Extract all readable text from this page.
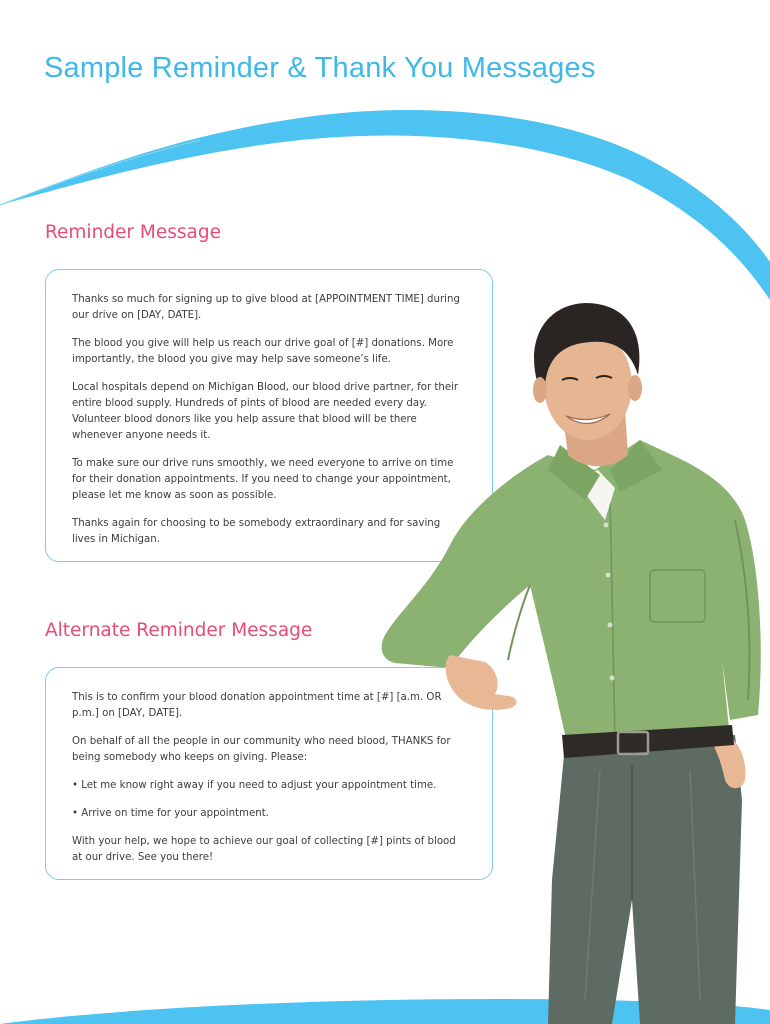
Sample Reminder & Thank You Messages
Reminder Message

Thanks so much for signing up to give blood at [APPOINTMENT TIME] during our drive on [DAY, DATE].

The blood you give will help us reach our drive goal of [#] donations. More importantly, the blood you give may help save someone’s life.

Local hospitals depend on Michigan Blood, our blood drive partner, for their entire blood supply. Hundreds of pints of blood are needed every day. Volunteer blood donors like you help assure that blood will be there whenever anyone needs it.

To make sure our drive runs smoothly, we need everyone to arrive on time for their donation appointments. If you need to change your appointment, please let me know as soon as possible.

Thanks again for choosing to be somebody extraordinary and for saving lives in Michigan.

Alternate Reminder Message

This is to confirm your blood donation appointment time at [#] [a.m. OR p.m.] on [DAY, DATE].

On behalf of all the people in our community who need blood, THANKS for being somebody who keeps on giving. Please:

• Let me know right away if you need to adjust your appointment time.

• Arrive on time for your appointment.

With your help, we hope to achieve our goal of collecting [#] pints of blood at our drive. See you there!
